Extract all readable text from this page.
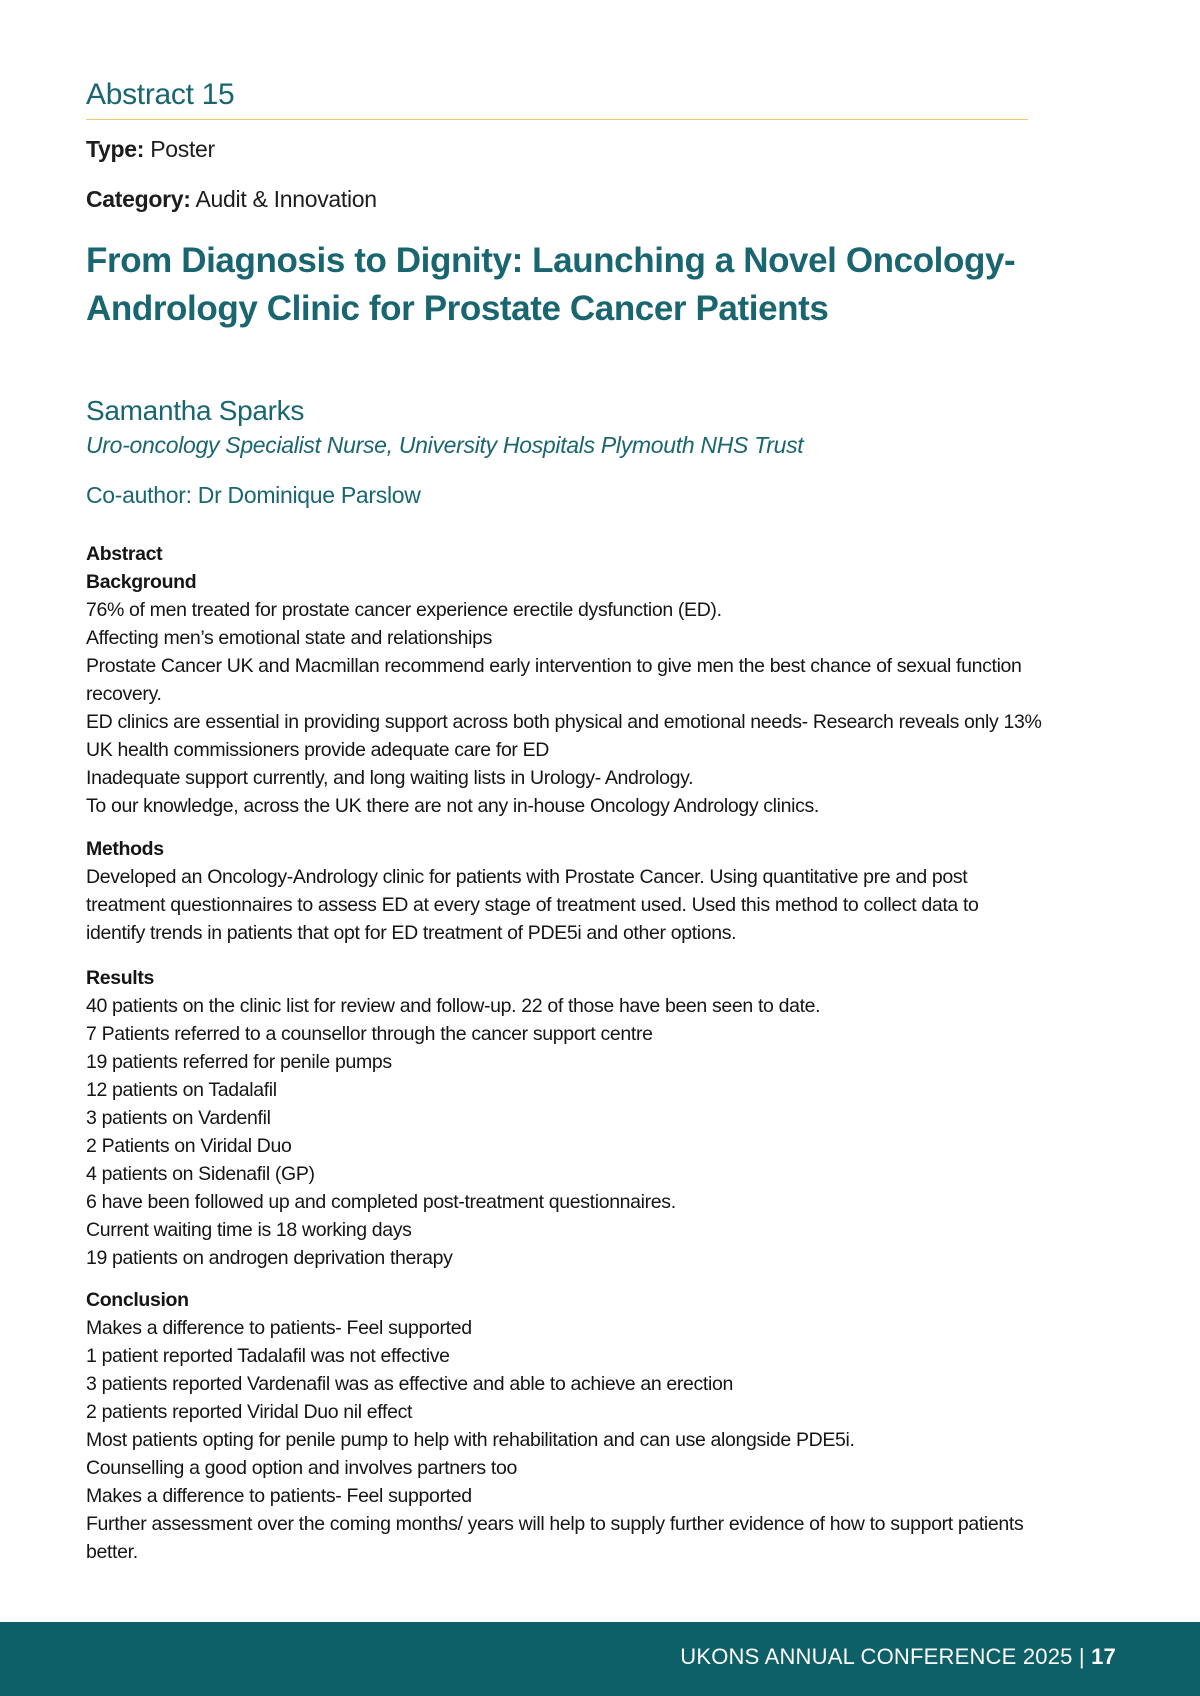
Abstract 15
Type: Poster
Category: Audit & Innovation
From Diagnosis to Dignity: Launching a Novel Oncology-
Andrology Clinic for Prostate Cancer Patients
Samantha Sparks
Uro-oncology Specialist Nurse, University Hospitals Plymouth NHS Trust
Co-author: Dr Dominique Parslow
Abstract
Background
76% of men treated for prostate cancer experience erectile dysfunction (ED).
Affecting men’s emotional state and relationships
Prostate Cancer UK and Macmillan recommend early intervention to give men the best chance of sexual function
recovery.
ED clinics are essential in providing support across both physical and emotional needs- Research reveals only 13%
UK health commissioners provide adequate care for ED
Inadequate support currently, and long waiting lists in Urology- Andrology.
To our knowledge, across the UK there are not any in-house Oncology Andrology clinics.
Methods
Developed an Oncology-Andrology clinic for patients with Prostate Cancer. Using quantitative pre and post
treatment questionnaires to assess ED at every stage of treatment used. Used this method to collect data to
identify trends in patients that opt for ED treatment of PDE5i and other options.
Results
40 patients on the clinic list for review and follow-up. 22 of those have been seen to date.
7 Patients referred to a counsellor through the cancer support centre
19 patients referred for penile pumps
12 patients on Tadalafil
3 patients on Vardenfil
2 Patients on Viridal Duo
4 patients on Sidenafil (GP)
6 have been followed up and completed post-treatment questionnaires.
Current waiting time is 18 working days
19 patients on androgen deprivation therapy
Conclusion
Makes a difference to patients- Feel supported
1 patient reported Tadalafil was not effective
3 patients reported Vardenafil was as effective and able to achieve an erection
2 patients reported Viridal Duo nil effect
Most patients opting for penile pump to help with rehabilitation and can use alongside PDE5i.
Counselling a good option and involves partners too
Makes a difference to patients- Feel supported
Further assessment over the coming months/ years will help to supply further evidence of how to support patients
better.
UKONS ANNUAL CONFERENCE 2025 | 17
